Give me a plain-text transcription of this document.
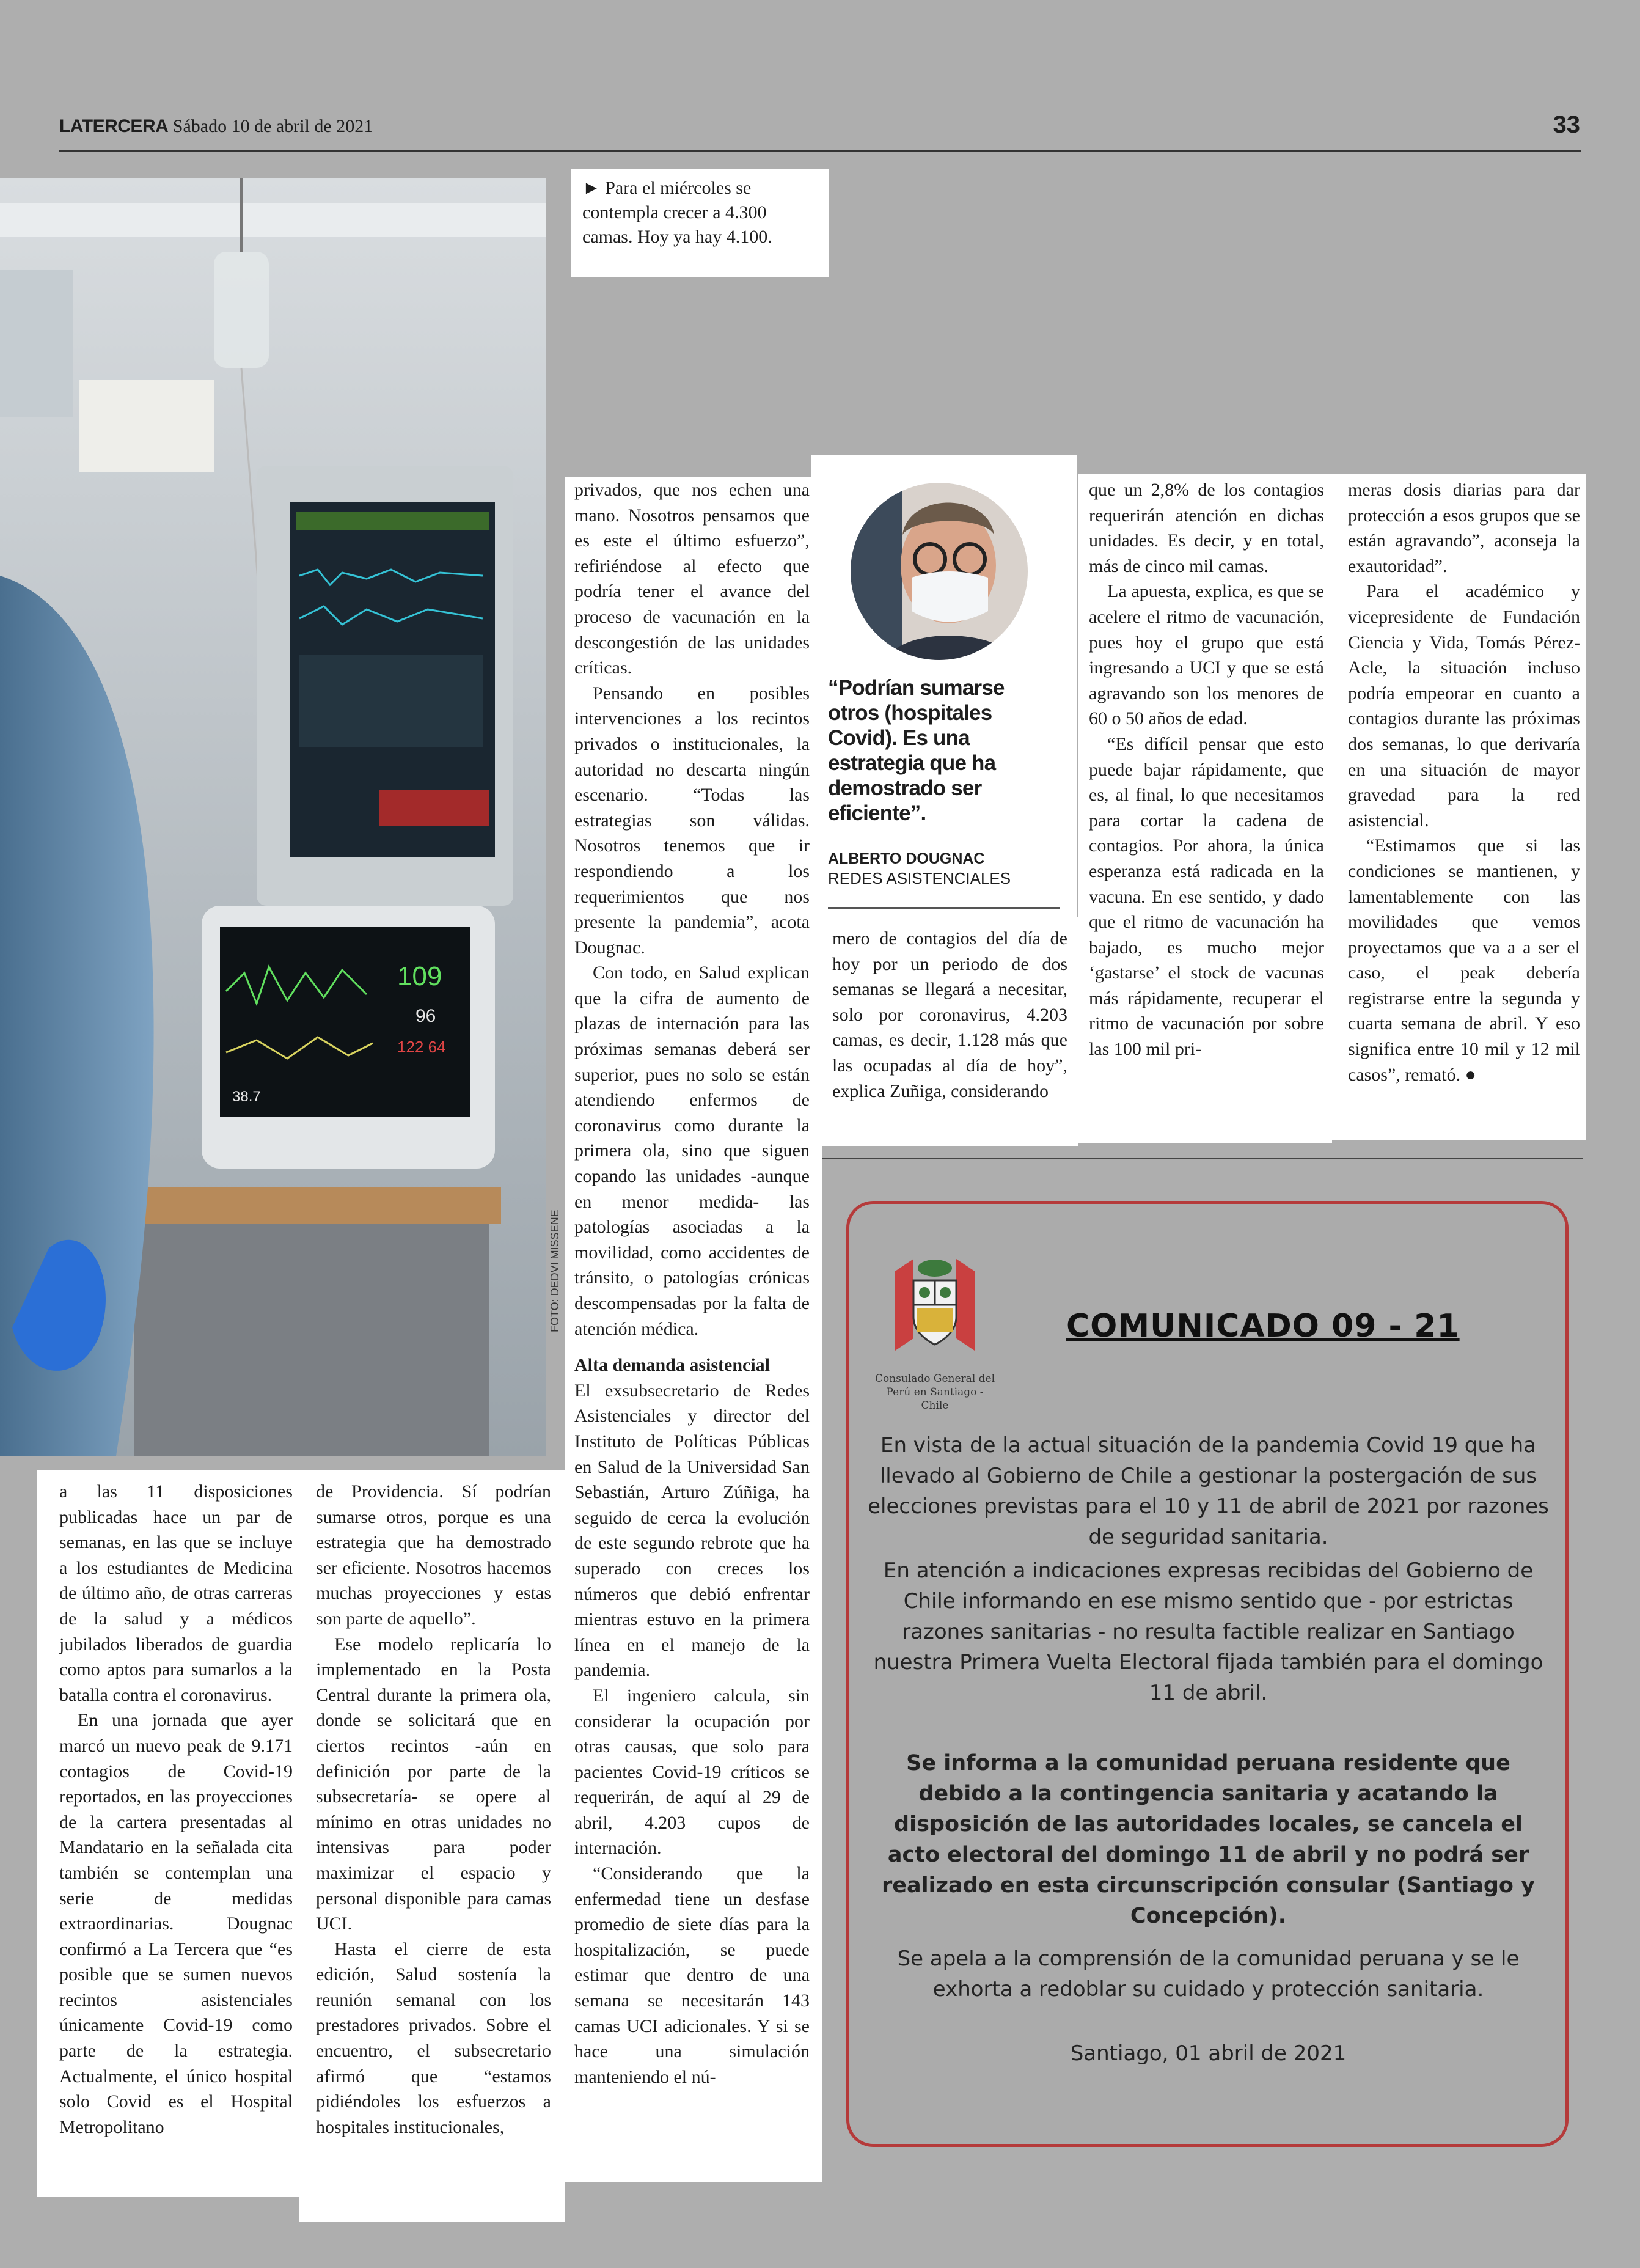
LATERCERA Sábado 10 de abril de 2021	33
109
96
122 64
38.7
FOTO: DEDVI MISSENE
► Para el miércoles se contempla crecer a 4.300 camas. Hoy ya hay 4.100.

privados, que nos echen una mano. Nosotros pensamos que es este el último esfuerzo”, refiriéndose al efecto que podría tener el avance del proceso de vacunación en la descongestión de las unidades críticas.

Pensando en posibles intervenciones a los recintos privados o institucionales, la autoridad no descarta ningún escenario. “Todas las estrategias son válidas. Nosotros tenemos que ir respondiendo a los requerimientos que nos presente la pandemia”, acota Dougnac.

Con todo, en Salud explican que la cifra de aumento de plazas de internación para las próximas semanas deberá ser superior, pues no solo se están atendiendo enfermos de coronavirus como durante la primera ola, sino que siguen copando las unidades -aunque en menor medida- las patologías asociadas a la movilidad, como accidentes de tránsito, o patologías crónicas descompensadas por la falta de atención médica.

Alta demanda asistencial

El exsubsecretario de Redes Asistenciales y director del Instituto de Políticas Públicas en Salud de la Universidad San Sebastián, Arturo Zúñiga, ha seguido de cerca la evolución de este segundo rebrote que ha superado con creces los números que debió enfrentar mientras estuvo en la primera línea en el manejo de la pandemia.

El ingeniero calcula, sin considerar la ocupación por otras causas, que solo para pacientes Covid-19 críticos se requerirán, de aquí al 29 de abril, 4.203 cupos de internación.

“Considerando que la enfermedad tiene un desfase promedio de siete días para la hospitalización, se puede estimar que dentro de una semana se necesitarán 143 camas UCI adicionales. Y si se hace una simulación manteniendo el nú-

“Podrían sumarse otros (hospitales Covid). Es una estrategia que ha demostrado ser eficiente”.
ALBERTO DOUGNAC
REDES ASISTENCIALES

mero de contagios del día de hoy por un periodo de dos semanas se llegará a necesitar, solo por coronavirus, 4.203 camas, es decir, 1.128 más que las ocupadas al día de hoy”, explica Zuñiga, considerando

que un 2,8% de los contagios requerirán atención en dichas unidades. Es decir, y en total, más de cinco mil camas.

La apuesta, explica, es que se acelere el ritmo de vacunación, pues hoy el grupo que está ingresando a UCI y que se está agravando son los menores de 60 o 50 años de edad.

“Es difícil pensar que esto puede bajar rápidamente, que es, al final, lo que necesitamos para cortar la cadena de contagios. Por ahora, la única esperanza está radicada en la vacuna. En ese sentido, y dado que el ritmo de vacunación ha bajado, es mucho mejor ‘gastarse’ el stock de vacunas más rápidamente, recuperar el ritmo de vacunación por sobre las 100 mil pri-

meras dosis diarias para dar protección a esos grupos que se están agravando”, aconseja la exautoridad”.

Para el académico y vicepresidente de Fundación Ciencia y Vida, Tomás Pérez-Acle, la situación incluso podría empeorar en cuanto a contagios durante las próximas dos semanas, lo que derivaría en una situación de mayor gravedad para la red asistencial.

“Estimamos que si las condiciones se mantienen, y lamentablemente con las movilidades que vemos proyectamos que va a a ser el caso, el peak debería registrarse entre la segunda y cuarta semana de abril. Y eso significa entre 10 mil y 12 mil casos”, remató. ●

a las 11 disposiciones publicadas hace un par de semanas, en las que se incluye a los estudiantes de Medicina de último año, de otras carreras de la salud y a médicos jubilados liberados de guardia como aptos para sumarlos a la batalla contra el coronavirus.

En una jornada que ayer marcó un nuevo peak de 9.171 contagios de Covid-19 reportados, en las proyecciones de la cartera presentadas al Mandatario en la señalada cita también se contemplan una serie de medidas extraordinarias. Dougnac confirmó a La Tercera que “es posible que se sumen nuevos recintos asistenciales únicamente Covid-19 como parte de la estrategia. Actualmente, el único hospital solo Covid es el Hospital Metropolitano

de Providencia. Sí podrían sumarse otros, porque es una estrategia que ha demostrado ser eficiente. Nosotros hacemos muchas proyecciones y estas son parte de aquello”.

Ese modelo replicaría lo implementado en la Posta Central durante la primera ola, donde se solicitará que en ciertos recintos -aún en definición por parte de la subsecretaría- se opere al mínimo en otras unidades no intensivas para poder maximizar el espacio y personal disponible para camas UCI.

Hasta el cierre de esta edición, Salud sostenía la reunión semanal con los prestadores privados. Sobre el encuentro, el subsecretario afirmó que “estamos pidiéndoles los esfuerzos a hospitales institucionales,

Consulado General del Perú en Santiago - Chile
COMUNICADO 09 - 21
En vista de la actual situación de la pandemia Covid 19 que ha llevado al Gobierno de Chile a gestionar la postergación de sus elecciones previstas para el 10 y 11 de abril de 2021 por razones de seguridad sanitaria.
En atención a indicaciones expresas recibidas del Gobierno de Chile informando en ese mismo sentido que - por estrictas razones sanitarias - no resulta factible realizar en Santiago nuestra Primera Vuelta Electoral fijada también para el domingo 11 de abril.
Se informa a la comunidad peruana residente que debido a la contingencia sanitaria y acatando la disposición de las autoridades locales, se cancela el acto electoral del domingo 11 de abril y no podrá ser realizado en esta circunscripción consular (Santiago y Concepción).
Se apela a la comprensión de la comunidad peruana y se le exhorta a redoblar su cuidado y protección sanitaria.
Santiago, 01 abril de 2021
